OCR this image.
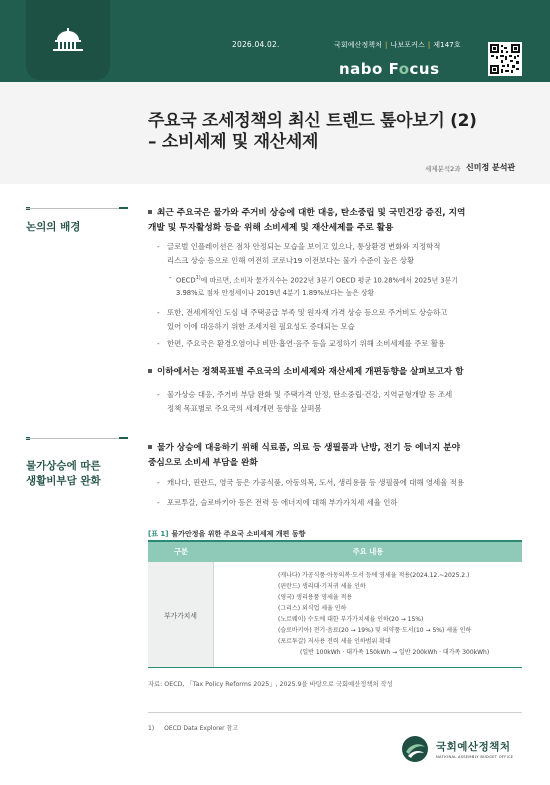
2026.04.02.	국회예산정책처 | 나보포커스 | 제147호
nabo Focus
주요국 조세정책의 최신 트렌드 톺아보기 (2)
– 소비세제 및 재산세제
세제분석2과 신미정 분석관
논의의 배경
물가상승에 따른
생활비부담 완화
최근 주요국은 물가와 주거비 상승에 대한 대응, 탄소중립 및 국민건강 증진, 지역
개발 및 투자활성화 등을 위해 소비세제 및 재산세제를 주로 활용
- 글로벌 인플레이션은 점차 안정되는 모습을 보이고 있으나, 통상환경 변화와 지정학적
리스크 상승 등으로 인해 여전히 코로나19 이전보다는 물가 수준이 높은 상황
- OECD$^{1)}$에 따르면, 소비자 물가지수는 2022년 3분기 OECD 평균 10.28%에서 2025년 3분기
3.98%로 점차 안정세이나 2019년 4분기 1.89%보다는 높은 상황
- 또한, 전세계적인 도심 내 주택공급 부족 및 원자재 가격 상승 등으로 주거비도 상승하고
있어 이에 대응하기 위한 조세지원 필요성도 증대되는 모습
- 한편, 주요국은 환경오염이나 비만·흡연·음주 등을 교정하기 위해 소비세제를 주로 활용
이하에서는 정책목표별 주요국의 소비세제와 재산세제 개편동향을 살펴보고자 함
- 물가상승 대응, 주거비 부담 완화 및 주택가격 안정, 탄소중립·건강, 지역균형개발 등 조세
정책 목표별로 주요국의 세제개편 동향을 살펴봄
물가 상승에 대응하기 위해 식료품, 의료 등 생필품과 난방, 전기 등 에너지 분야
중심으로 소비세 부담을 완화
- 캐나다, 핀란드, 영국 등은 가공식품, 아동의복, 도서, 생리용품 등 생필품에 대해 영세율 적용
- 포르투갈, 슬로바키아 등은 전력 등 에너지에 대해 부가가치세 세율 인하
[표 1] 물가안정을 위한 주요국 소비세제 개편 동향
구분	주요 내용
부가가치세
(캐나다) 가공식품·아동의복·도서 등에 영세율 적용(2024.12.~2025.2.)
(핀란드) 생리대·기저귀 세율 인하
(영국) 생리용품 영세율 적용
(그리스) 외식업 세율 인하
(노르웨이) 수도에 대한 부가가치세율 인하(20 → 15%)
(슬로바키아) 전기·음료(20 → 19%) 및 의약품·도서(10 → 5%) 세율 인하
(포르투갈) 저사용 전력 세율 인하범위 확대
(일반 100kWh · 대가족 150kWh → 일반 200kWh · 대가족 300kWh)
자료: OECD, 「Tax Policy Reforms 2025」, 2025.9을 바탕으로 국회예산정책처 작성
1) OECD Data Explorer 참고
국회예산정책처
NATIONAL ASSEMBLY BUDGET OFFICE
